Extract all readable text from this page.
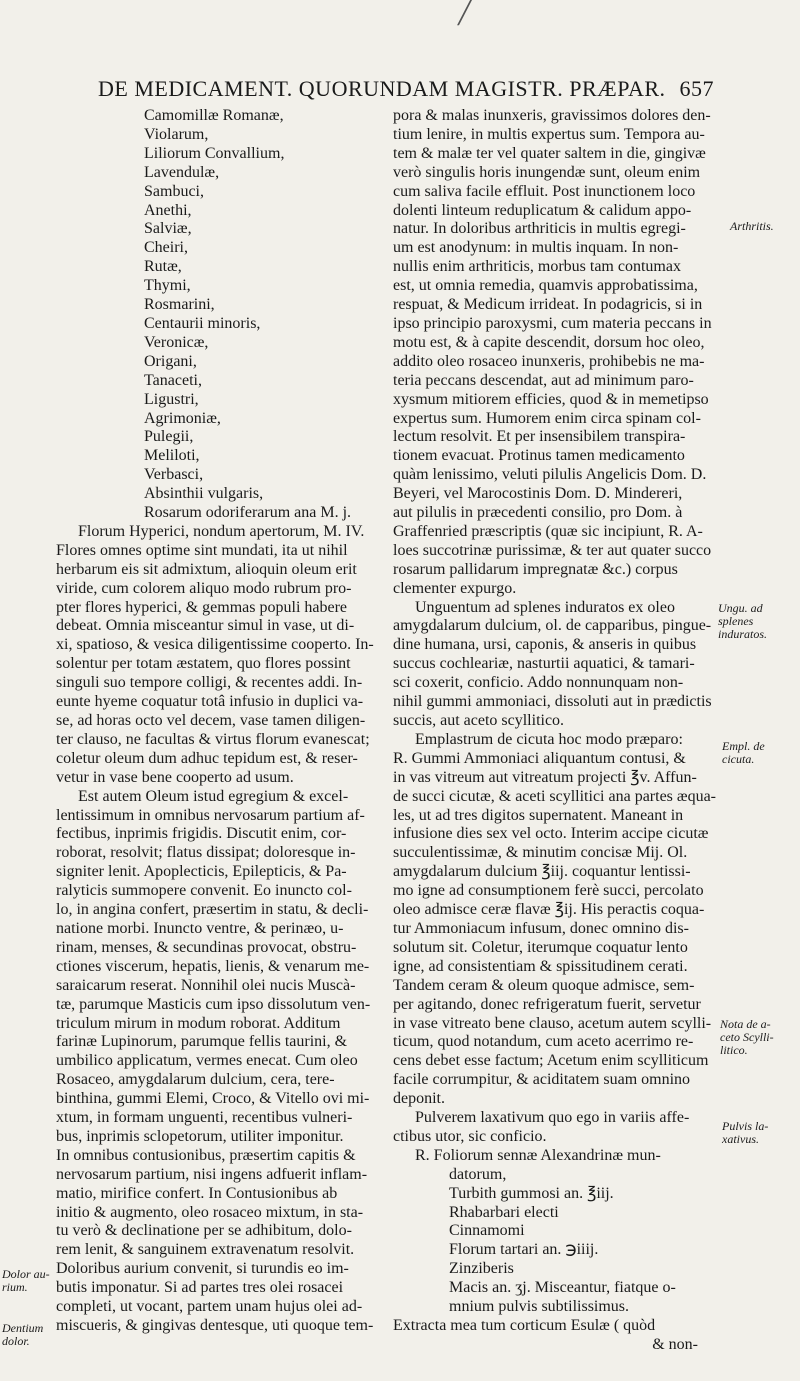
╱
DE MEDICAMENT. QUORUNDAM MAGISTR. PRÆPAR. 657

Camomillæ Romanæ,

Violarum,

Liliorum Convallium,

Lavendulæ,

Sambuci,

Anethi,

Salviæ,

Cheiri,

Rutæ,

Thymi,

Rosmarini,

Centaurii minoris,

Veronicæ,

Origani,

Tanaceti,

Ligustri,

Agrimoniæ,

Pulegii,

Meliloti,

Verbasci,

Absinthii vulgaris,

Rosarum odoriferarum ana M. j.

Florum Hyperici, nondum apertorum, M. IV.

Flores omnes optime sint mundati, ita ut nihil

herbarum eis sit admixtum, alioquin oleum erit

viride, cum colorem aliquo modo rubrum pro-

pter flores hyperici, & gemmas populi habere

debeat. Omnia misceantur simul in vase, ut di-

xi, spatioso, & vesica diligentissime cooperto. In-

solentur per totam æstatem, quo flores possint

singuli suo tempore colligi, & recentes addi. In-

eunte hyeme coquatur totâ infusio in duplici va-

se, ad horas octo vel decem, vase tamen diligen-

ter clauso, ne facultas & virtus florum evanescat;

coletur oleum dum adhuc tepidum est, & reser-

vetur in vase bene cooperto ad usum.

Est autem Oleum istud egregium & excel-

lentissimum in omnibus nervosarum partium af-

fectibus, inprimis frigidis. Discutit enim, cor-

roborat, resolvit; flatus dissipat; doloresque in-

signiter lenit. Apoplecticis, Epilepticis, & Pa-

ralyticis summopere convenit. Eo inuncto col-

lo, in angina confert, præsertim in statu, & decli-

natione morbi. Inuncto ventre, & perinæo, u-

rinam, menses, & secundinas provocat, obstru-

ctiones viscerum, hepatis, lienis, & venarum me-

saraicarum reserat. Nonnihil olei nucis Muscà-

tæ, parumque Masticis cum ipso dissolutum ven-

triculum mirum in modum roborat. Additum

farinæ Lupinorum, parumque fellis taurini, &

umbilico applicatum, vermes enecat. Cum oleo

Rosaceo, amygdalarum dulcium, cera, tere-

binthina, gummi Elemi, Croco, & Vitello ovi mi-

xtum, in formam unguenti, recentibus vulneri-

bus, inprimis sclopetorum, utiliter imponitur.

In omnibus contusionibus, præsertim capitis &

nervosarum partium, nisi ingens adfuerit inflam-

matio, mirifice confert. In Contusionibus ab

initio & augmento, oleo rosaceo mixtum, in sta-

tu verò & declinatione per se adhibitum, dolo-

rem lenit, & sanguinem extravenatum resolvit.

Doloribus aurium convenit, si turundis eo im-

butis imponatur. Si ad partes tres olei rosacei

completi, ut vocant, partem unam hujus olei ad-

miscueris, & gingivas dentesque, uti quoque tem-

pora & malas inunxeris, gravissimos dolores den-

tium lenire, in multis expertus sum. Tempora au-

tem & malæ ter vel quater saltem in die, gingivæ

verò singulis horis inungendæ sunt, oleum enim

cum saliva facile effluit. Post inunctionem loco

dolenti linteum reduplicatum & calidum appo-

natur. In doloribus arthriticis in multis egregi-

um est anodynum: in multis inquam. In non-

nullis enim arthriticis, morbus tam contumax

est, ut omnia remedia, quamvis approbatissima,

respuat, & Medicum irrideat. In podagricis, si in

ipso principio paroxysmi, cum materia peccans in

motu est, & à capite descendit, dorsum hoc oleo,

addito oleo rosaceo inunxeris, prohibebis ne ma-

teria peccans descendat, aut ad minimum paro-

xysmum mitiorem efficies, quod & in memetipso

expertus sum. Humorem enim circa spinam col-

lectum resolvit. Et per insensibilem transpira-

tionem evacuat. Protinus tamen medicamento

quàm lenissimo, veluti pilulis Angelicis Dom. D.

Beyeri, vel Marocostinis Dom. D. Mindereri,

aut pilulis in præcedenti consilio, pro Dom. à

Graffenried præscriptis (quæ sic incipiunt, R. A-

loes succotrinæ purissimæ, & ter aut quater succo

rosarum pallidarum impregnatæ &c.) corpus

clementer expurgo.

Unguentum ad splenes induratos ex oleo

amygdalarum dulcium, ol. de capparibus, pingue-

dine humana, ursi, caponis, & anseris in quibus

succus cochleariæ, nasturtii aquatici, & tamari-

sci coxerit, conficio. Addo nonnunquam non-

nihil gummi ammoniaci, dissoluti aut in prædictis

succis, aut aceto scyllitico.

Emplastrum de cicuta hoc modo præparo:

R. Gummi Ammoniaci aliquantum contusi, &

in vas vitreum aut vitreatum projecti ℥v. Affun-

de succi cicutæ, & aceti scyllitici ana partes æqua-

les, ut ad tres digitos supernatent. Maneant in

infusione dies sex vel octo. Interim accipe cicutæ

succulentissimæ, & minutim concisæ Mij. Ol.

amygdalarum dulcium ℥iij. coquantur lentissi-

mo igne ad consumptionem ferè succi, percolato

oleo admisce ceræ flavæ ℥ij. His peractis coqua-

tur Ammoniacum infusum, donec omnino dis-

solutum sit. Coletur, iterumque coquatur lento

igne, ad consistentiam & spissitudinem cerati.

Tandem ceram & oleum quoque admisce, sem-

per agitando, donec refrigeratum fuerit, servetur

in vase vitreato bene clauso, acetum autem scylli-

ticum, quod notandum, cum aceto acerrimo re-

cens debet esse factum; Acetum enim scylliticum

facile corrumpitur, & aciditatem suam omnino

deponit.

Pulverem laxativum quo ego in variis affe-

ctibus utor, sic conficio.

R. Foliorum sennæ Alexandrinæ mun-

datorum,

Turbith gummosi an. ℥iij.

Rhabarbari electi

Cinnamomi

Florum tartari an. ℈iiij.

Zinziberis

Macis an. ʒj. Misceantur, fiatque o-

mnium pulvis subtilissimus.

Extracta mea tum corticum Esulæ ( quòd

& non-

Arthritis.
Ungu. ad splenes induratos.
Empl. de cicuta.
Nota de a-ceto Scylli-litico.
Pulvis la-xativus.
Dolor au-rium.
Dentium dolor.
